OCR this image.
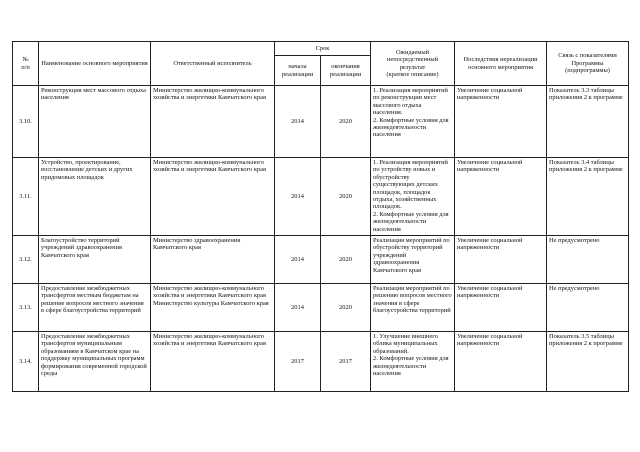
№
п/п	Наименование основного мероприятия	Ответственный исполнитель	Срок		Ожидаемый
непосредственный
результат
(краткое описание)	Последствия нереализации
основного мероприятия	Связь с показателями
Программы
(подпрограммы)
			начала
реализации	окончания
реализации			
3.10.	Реконструкция мест массового отдыха населения	Министерство жилищно-коммунального хозяйства и энергетики Камчатского края	2014	2020	1. Реализация мероприятий по реконструкции мест массового отдыха населения.
2. Комфортные условия для жизнедеятельности населения	Увеличение социальной напряженности	Показатель 3.3 таблицы приложения 2 к программе
3.11.	Устройство, проектирование, восстановление детских и других придомовых площадок	Министерство жилищно-коммунального хозяйства и энергетики Камчатского края	2014	2020	1. Реализация мероприятий по устройству новых и обустройству существующих детских площадок, площадок отдыха, хозяйственных площадок.
2. Комфортные условия для жизнедеятельности населения	Увеличение социальной напряженности	Показатель 3.4 таблицы приложения 2 к программе
3.12.	Благоустройство территорий учреждений здравоохранения Камчатского края	Министерство здравоохранения Камчатского края	2014	2020	Реализация мероприятий по обустройству территорий учреждений здравоохранения Камчатского края	Увеличение социальной напряженности	Не предусмотрено
3.13.	Предоставление межбюджетных трансфертов местным бюджетам на решение вопросов местного значения в сфере благоустройства территорий	Министерство жилищно-коммунального хозяйства и энергетики Камчатского края
Министерство культуры Камчатского края	2014	2020	Реализация мероприятий по решению вопросов местного значения в сфере благоустройства территорий	Увеличение социальной напряженности	Не предусмотрено
3.14.	Предоставление межбюджетных трансфертов муниципальным образованиям в Камчатском крае на поддержку муниципальных программ формирования современной городской среды	Министерство жилищно-коммунального хозяйства и энергетики Камчатского края	2017	2017	1. Улучшение внешнего облика муниципальных образований.
2. Комфортные условия для жизнедеятельности населения	Увеличение социальной напряженности	Показатель 3.5 таблицы приложения 2 к программе
